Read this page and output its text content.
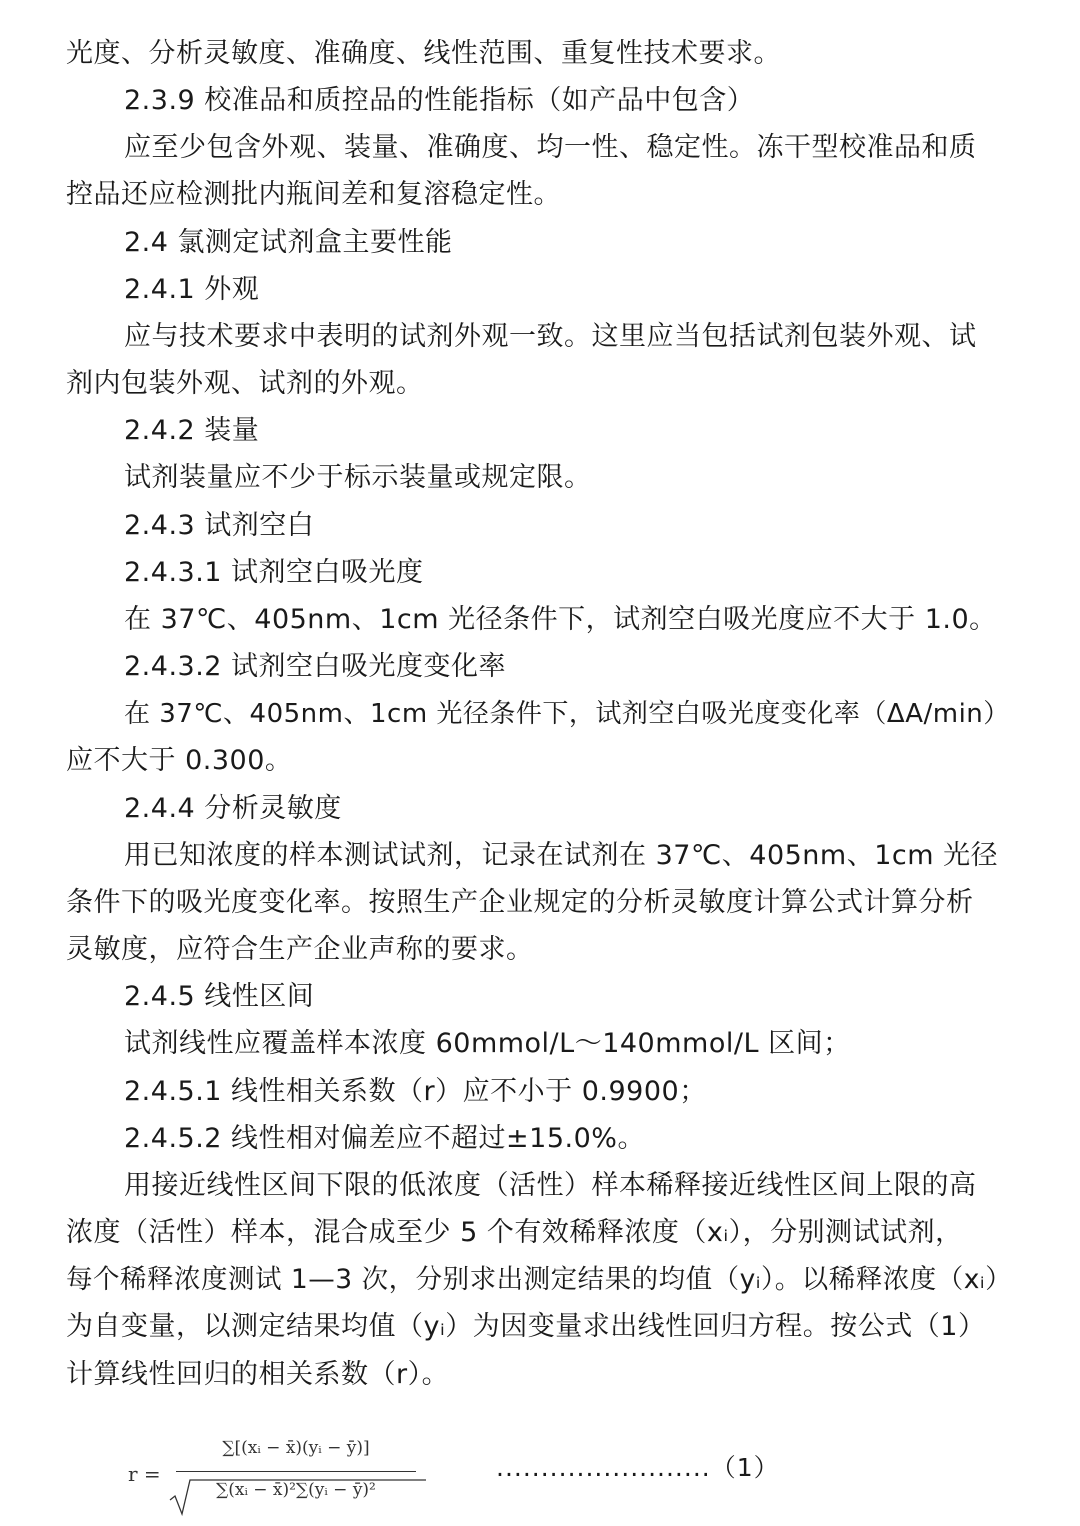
光度、分析灵敏度、准确度、线性范围、重复性技术要求。
2.3.9 校准品和质控品的性能指标（如产品中包含）
应至少包含外观、装量、准确度、均一性、稳定性。冻干型校准品和质
控品还应检测批内瓶间差和复溶稳定性。
2.4 氯测定试剂盒主要性能
2.4.1 外观
应与技术要求中表明的试剂外观一致。这里应当包括试剂包装外观、试
剂内包装外观、试剂的外观。
2.4.2 装量
试剂装量应不少于标示装量或规定限。
2.4.3 试剂空白
2.4.3.1 试剂空白吸光度
在 37℃、405nm、1cm 光径条件下，试剂空白吸光度应不大于 1.0。
2.4.3.2 试剂空白吸光度变化率
在 37℃、405nm、1cm 光径条件下，试剂空白吸光度变化率（ΔA/min）
应不大于 0.300。
2.4.4 分析灵敏度
用已知浓度的样本测试试剂，记录在试剂在 37℃、405nm、1cm 光径
条件下的吸光度变化率。按照生产企业规定的分析灵敏度计算公式计算分析
灵敏度，应符合生产企业声称的要求。
2.4.5 线性区间
试剂线性应覆盖样本浓度 60mmol/L～140mmol/L 区间；
2.4.5.1 线性相关系数（r）应不小于 0.9900；
2.4.5.2 线性相对偏差应不超过±15.0%。
用接近线性区间下限的低浓度（活性）样本稀释接近线性区间上限的高
浓度（活性）样本，混合成至少 5 个有效稀释浓度（xᵢ），分别测试试剂，
每个稀释浓度测试 1—3 次，分别求出测定结果的均值（yᵢ）。以稀释浓度（xᵢ）
为自变量，以测定结果均值（yᵢ）为因变量求出线性回归方程。按公式（1）
计算线性回归的相关系数（r）。
r =
∑[(xᵢ − x̄)(yᵢ − ȳ)]
∑(xᵢ − x̄)²∑(yᵢ − ȳ)²
........................（1）
